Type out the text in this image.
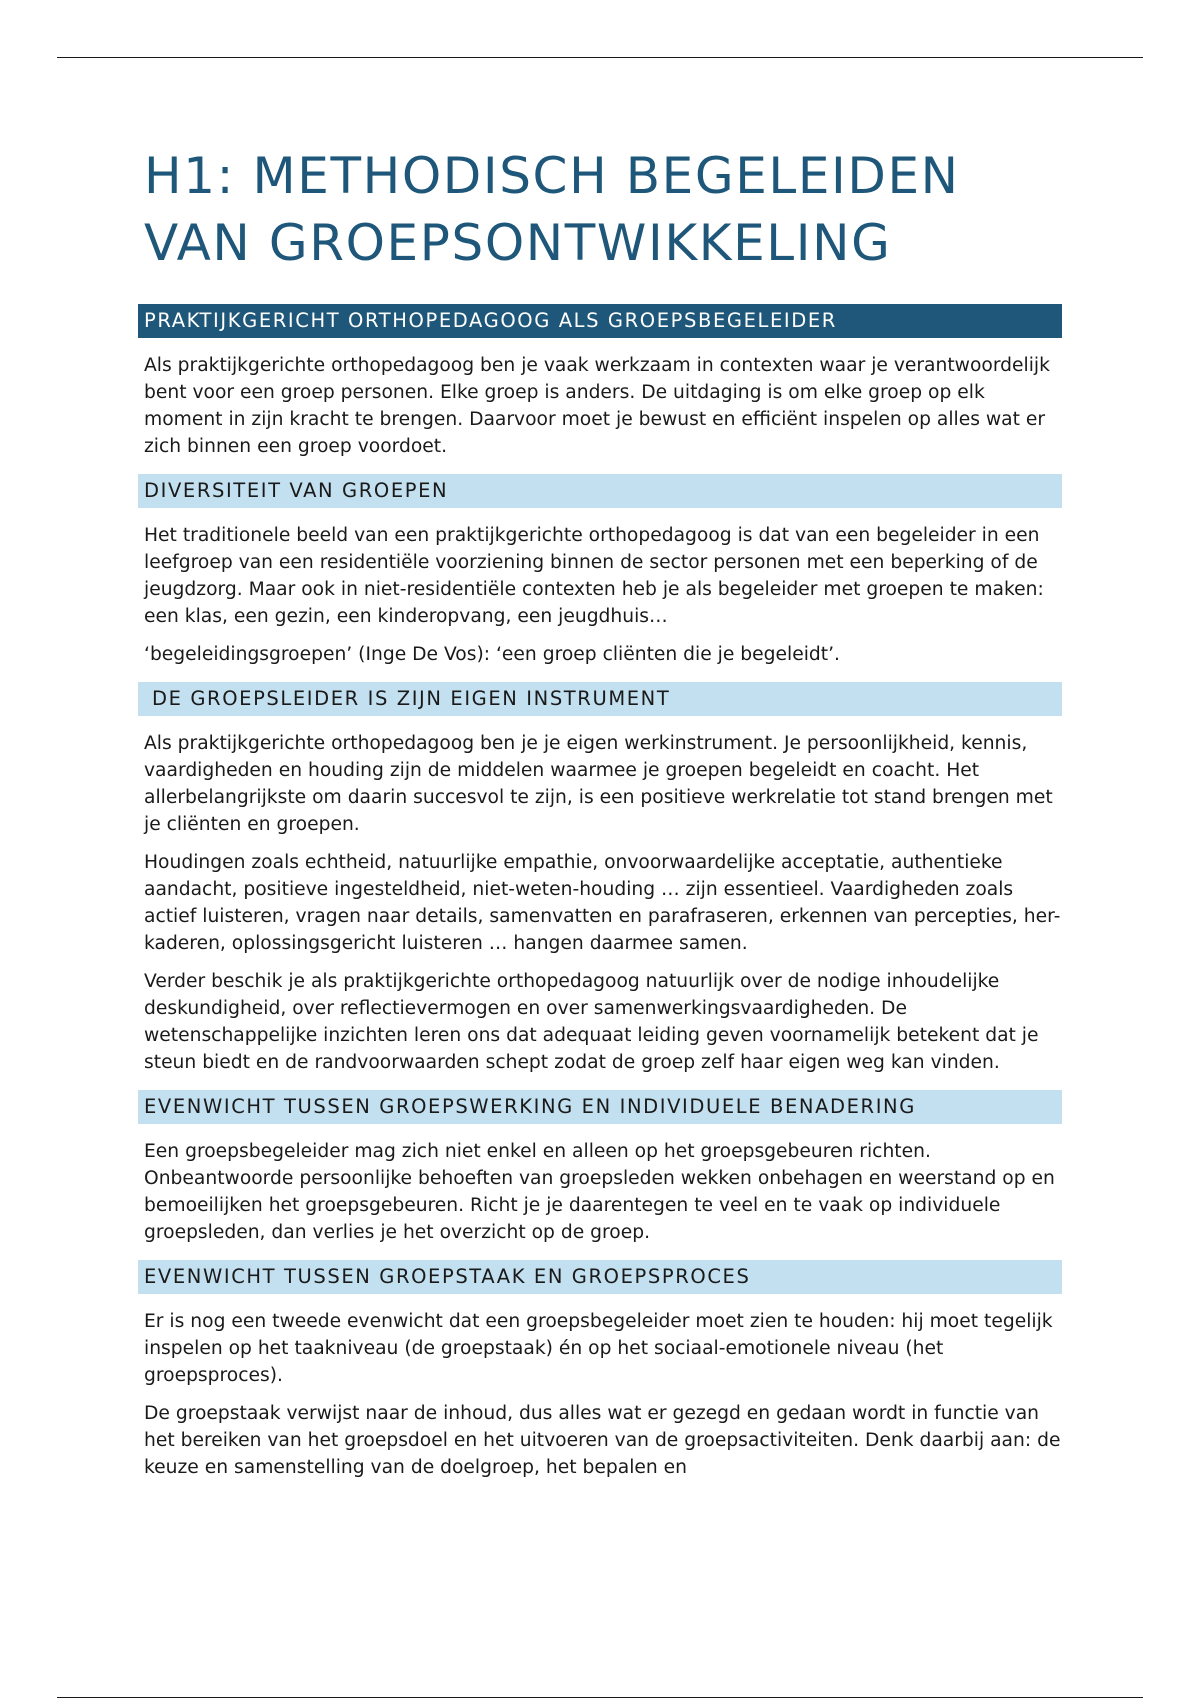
H1: METHODISCH BEGELEIDEN VAN GROEPSONTWIKKELING
PRAKTIJKGERICHT ORTHOPEDAGOOG ALS GROEPSBEGELEIDER

Als praktijkgerichte orthopedagoog ben je vaak werkzaam in contexten waar je verantwoordelijk bent voor een groep personen. Elke groep is anders. De uitdaging is om elke groep op elk moment in zijn kracht te brengen. Daarvoor moet je bewust en efficiënt inspelen op alles wat er zich binnen een groep voordoet.

DIVERSITEIT VAN GROEPEN

Het traditionele beeld van een praktijkgerichte orthopedagoog is dat van een begeleider in een leefgroep van een residentiële voorziening binnen de sector personen met een beperking of de jeugdzorg. Maar ook in niet-residentiële contexten heb je als begeleider met groepen te maken: een klas, een gezin, een kinderopvang, een jeugdhuis…

‘begeleidingsgroepen’ (Inge De Vos): ‘een groep cliënten die je begeleidt’.

DE GROEPSLEIDER IS ZIJN EIGEN INSTRUMENT

Als praktijkgerichte orthopedagoog ben je je eigen werkinstrument. Je persoonlijkheid, kennis, vaardigheden en houding zijn de middelen waarmee je groepen begeleidt en coacht. Het allerbelangrijkste om daarin succesvol te zijn, is een positieve werkrelatie tot stand brengen met je cliënten en groepen.

Houdingen zoals echtheid, natuurlijke empathie, onvoorwaardelijke acceptatie, authentieke aandacht, positieve ingesteldheid, niet-weten-houding … zijn essentieel. Vaardigheden zoals actief luisteren, vragen naar details, samenvatten en parafraseren, erkennen van percepties, her-kaderen, oplossingsgericht luisteren … hangen daarmee samen.

Verder beschik je als praktijkgerichte orthopedagoog natuurlijk over de nodige inhoudelijke deskundigheid, over reflectievermogen en over samenwerkingsvaardigheden. De wetenschappelijke inzichten leren ons dat adequaat leiding geven voornamelijk betekent dat je steun biedt en de randvoorwaarden schept zodat de groep zelf haar eigen weg kan vinden.

EVENWICHT TUSSEN GROEPSWERKING EN INDIVIDUELE BENADERING

Een groepsbegeleider mag zich niet enkel en alleen op het groepsgebeuren richten. Onbeantwoorde persoonlijke behoeften van groepsleden wekken onbehagen en weerstand op en bemoeilijken het groepsgebeuren. Richt je je daarentegen te veel en te vaak op individuele groepsleden, dan verlies je het overzicht op de groep.

EVENWICHT TUSSEN GROEPSTAAK EN GROEPSPROCES

Er is nog een tweede evenwicht dat een groepsbegeleider moet zien te houden: hij moet tegelijk inspelen op het taakniveau (de groepstaak) én op het sociaal-emotionele niveau (het groepsproces).

De groepstaak verwijst naar de inhoud, dus alles wat er gezegd en gedaan wordt in functie van het bereiken van het groepsdoel en het uitvoeren van de groepsactiviteiten. Denk daarbij aan: de keuze en samenstelling van de doelgroep, het bepalen en
